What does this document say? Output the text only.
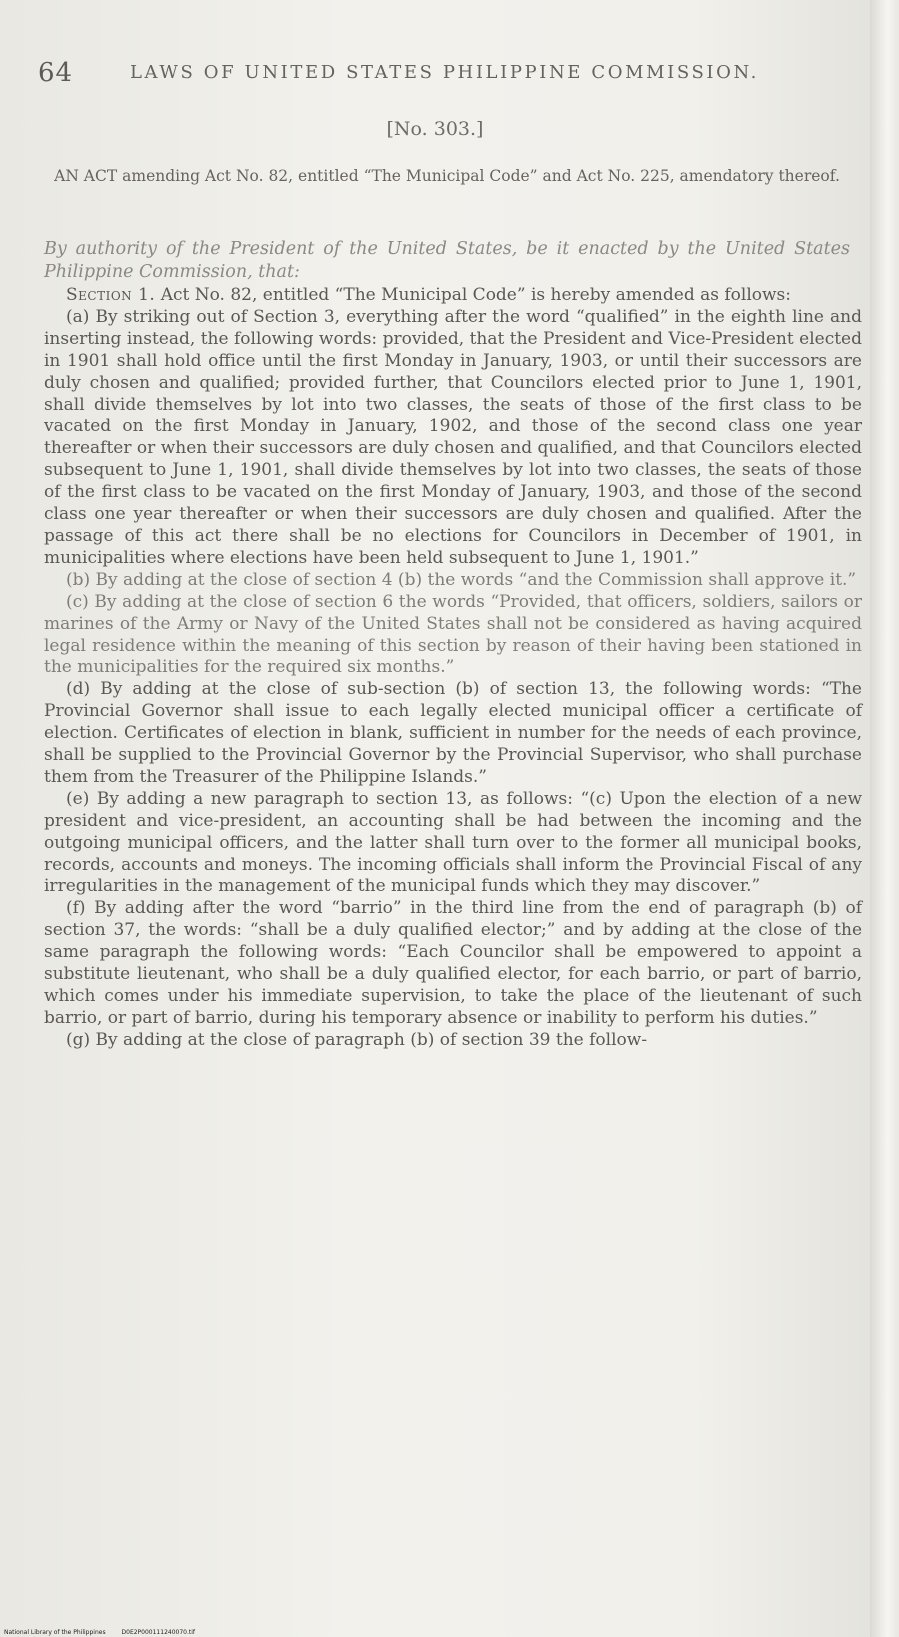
64	LAWS OF UNITED STATES PHILIPPINE COMMISSION.
[No. 303.]
AN ACT amending Act No. 82, entitled “The Municipal Code” and Act No. 225, amendatory thereof.
By authority of the President of the United States, be it enacted by the United States Philippine Commission, that:

Section 1. Act No. 82, entitled “The Municipal Code” is hereby amended as follows:

(a) By striking out of Section 3, everything after the word “qualified” in the eighth line and inserting instead, the following words: provided, that the President and Vice-President elected in 1901 shall hold office until the first Monday in January, 1903, or until their successors are duly chosen and qualified; provided further, that Councilors elected prior to June 1, 1901, shall divide themselves by lot into two classes, the seats of those of the first class to be vacated on the first Monday in January, 1902, and those of the second class one year thereafter or when their successors are duly chosen and qualified, and that Councilors elected subsequent to June 1, 1901, shall divide themselves by lot into two classes, the seats of those of the first class to be vacated on the first Monday of January, 1903, and those of the second class one year thereafter or when their successors are duly chosen and qualified. After the passage of this act there shall be no elections for Councilors in December of 1901, in municipalities where elections have been held subsequent to June 1, 1901.”

(b) By adding at the close of section 4 (b) the words “and the Commission shall approve it.”

(c) By adding at the close of section 6 the words “Provided, that officers, soldiers, sailors or marines of the Army or Navy of the United States shall not be considered as having acquired legal residence within the meaning of this section by reason of their having been stationed in the municipalities for the required six months.”

(d) By adding at the close of sub-section (b) of section 13, the following words: “The Provincial Governor shall issue to each legally elected municipal officer a certificate of election. Certificates of election in blank, sufficient in number for the needs of each province, shall be supplied to the Provincial Governor by the Provincial Supervisor, who shall purchase them from the Treasurer of the Philippine Islands.”

(e) By adding a new paragraph to section 13, as follows: “(c) Upon the election of a new president and vice-president, an accounting shall be had between the incoming and the outgoing municipal officers, and the latter shall turn over to the former all municipal books, records, accounts and moneys. The incoming officials shall inform the Provincial Fiscal of any irregularities in the management of the municipal funds which they may discover.”

(f) By adding after the word “barrio” in the third line from the end of paragraph (b) of section 37, the words: “shall be a duly qualified elector;” and by adding at the close of the same paragraph the following words: “Each Councilor shall be empowered to appoint a substitute lieutenant, who shall be a duly qualified elector, for each barrio, or part of barrio, which comes under his immediate supervision, to take the place of the lieutenant of such barrio, or part of barrio, during his temporary absence or inability to perform his duties.”

(g) By adding at the close of paragraph (b) of section 39 the follow-

National Library of the Philippines	D0E2P000111240070.tif
